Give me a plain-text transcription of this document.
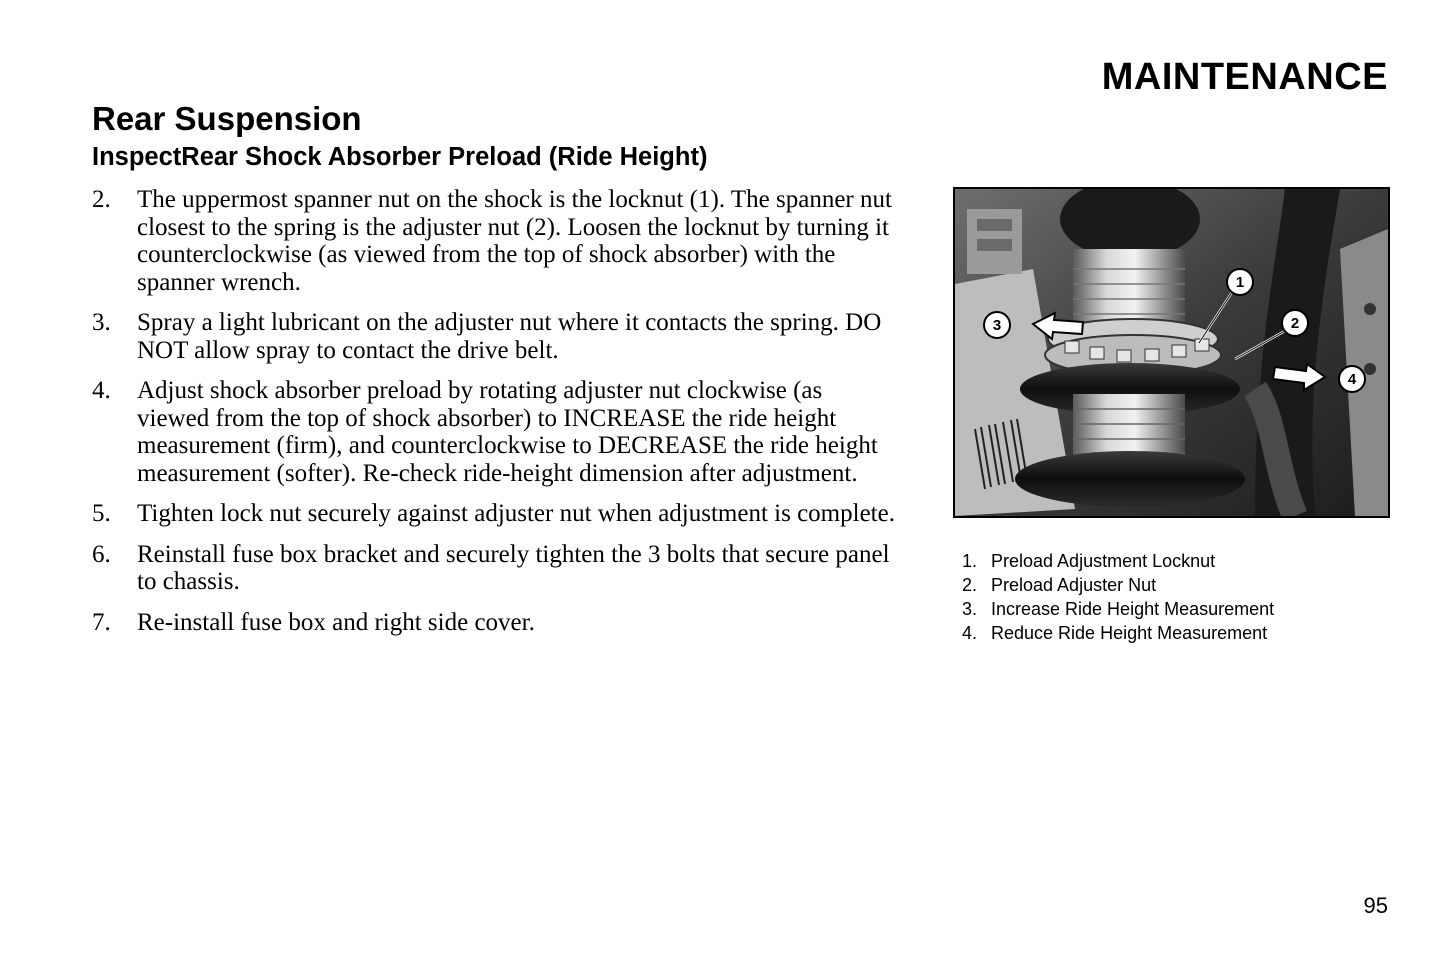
MAINTENANCE
Rear Suspension
InspectRear Shock Absorber Preload (Ride Height)
2. The uppermost spanner nut on the shock is the locknut (1). The spanner nut closest to the spring is the adjuster nut (2). Loosen the locknut by turning it counterclockwise (as viewed from the top of shock absorber) with the spanner wrench.
3. Spray a light lubricant on the adjuster nut where it contacts the spring. DO NOT allow spray to contact the drive belt.
4. Adjust shock absorber preload by rotating adjuster nut clockwise (as viewed from the top of shock absorber) to INCREASE the ride height measurement (firm), and counterclockwise to DECREASE the ride height measurement (softer). Re-check ride-height dimension after adjustment.
5. Tighten lock nut securely against adjuster nut when adjustment is complete.
6. Reinstall fuse box bracket and securely tighten the 3 bolts that secure panel to chassis.
7. Re-install fuse box and right side cover.
1
2
3
4
1. Preload Adjustment Locknut
2. Preload Adjuster Nut
3. Increase Ride Height Measurement
4. Reduce Ride Height Measurement

95
